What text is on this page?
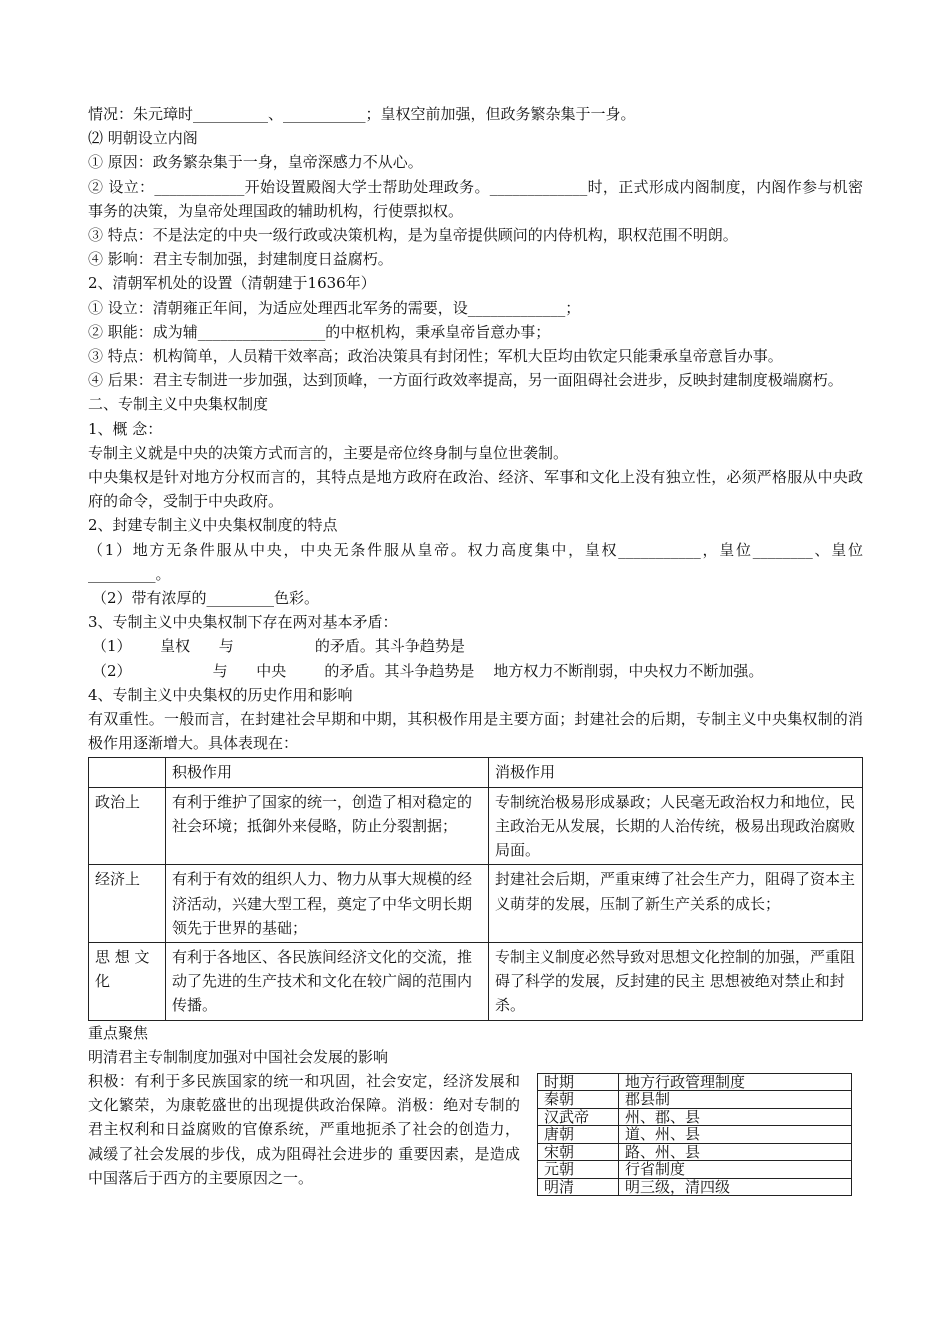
情况：朱元璋时__________、___________；皇权空前加强，但政务繁杂集于一身。
⑵ 明朝设立内阁
① 原因：政务繁杂集于一身，皇帝深感力不从心。
② 设立：____________开始设置殿阁大学士帮助处理政务。_____________时，正式形成内阁制度，内阁作参与机密事务的决策，为皇帝处理国政的辅助机构，行使票拟权。
③ 特点：不是法定的中央一级行政或决策机构，是为皇帝提供顾问的内侍机构，职权范围不明朗。
④ 影响：君主专制加强，封建制度日益腐朽。
2、清朝军机处的设置（清朝建于1636年）
① 设立：清朝雍正年间，为适应处理西北军务的需要，设_____________；
② 职能：成为辅_________________的中枢机构，秉承皇帝旨意办事；
③ 特点：机构简单，人员精干效率高；政治决策具有封闭性；军机大臣均由钦定只能秉承皇帝意旨办事。
④ 后果：君主专制进一步加强，达到顶峰，一方面行政效率提高，另一面阻碍社会进步，反映封建制度极端腐朽。
二、专制主义中央集权制度
1、概 念：
专制主义就是中央的决策方式而言的，主要是帝位终身制与皇位世袭制。
中央集权是针对地方分权而言的，其特点是地方政府在政治、经济、军事和文化上没有独立性，必须严格服从中央政府的命令，受制于中央政府。
2、封建专制主义中央集权制度的特点
（1）地方无条件服从中央，中央无条件服从皇帝。权力高度集中，皇权___________，皇位________、皇位_________。
（2）带有浓厚的_________色彩。
3、专制主义中央集权制下存在两对基本矛盾：
（1）      皇权      与                 的矛盾。其斗争趋势是
（2）                 与      中央        的矛盾。其斗争趋势是    地方权力不断削弱，中央权力不断加强。
4、专制主义中央集权的历史作用和影响
有双重性。一般而言，在封建社会早期和中期，其积极作用是主要方面；封建社会的后期，专制主义中央集权制的消极作用逐渐增大。具体表现在：
	积极作用	消极作用
政治上	有利于维护了国家的统一，创造了相对稳定的社会环境；抵御外来侵略，防止分裂割据；	专制统治极易形成暴政；人民毫无政治权力和地位，民主政治无从发展，长期的人治传统，极易出现政治腐败局面。
经济上	有利于有效的组织人力、物力从事大规模的经济活动，兴建大型工程，奠定了中华文明长期领先于世界的基础；	封建社会后期，严重束缚了社会生产力，阻碍了资本主义萌芽的发展，压制了新生产关系的成长；
思 想 文 化	有利于各地区、各民族间经济文化的交流，推动了先进的生产技术和文化在较广阔的范围内传播。	专制主义制度必然导致对思想文化控制的加强，严重阻碍了科学的发展，反封建的民主 思想被绝对禁止和封杀。
重点聚焦
明清君主专制制度加强对中国社会发展的影响
积极：有利于多民族国家的统一和巩固，社会安定，经济发展和文化繁荣，为康乾盛世的出现提供政治保障。消极：绝对专制的君主权利和日益腐败的官僚系统，严重地扼杀了社会的创造力，减缓了社会发展的步伐，成为阻碍社会进步的 重要因素，是造成中国落后于西方的主要原因之一。
时期	地方行政管理制度
秦朝	郡县制
汉武帝	州、郡、县
唐朝	道、州、县
宋朝	路、州、县
元朝	行省制度
明清	明三级，清四级
